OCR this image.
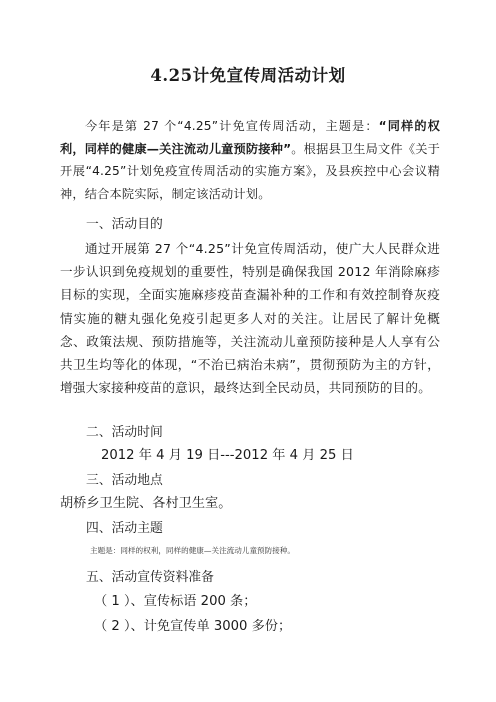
4.25计免宣传周活动计划

今年是第 27 个“4.25”计免宣传周活动，主题是：“同样的权利，同样的健康—关注流动儿童预防接种”。根据县卫生局文件《关于开展“4.25”计划免疫宣传周活动的实施方案》，及县疾控中心会议精神，结合本院实际，制定该活动计划。

一、活动目的

通过开展第 27 个“4.25”计免宣传周活动，使广大人民群众进一步认识到免疫规划的重要性，特别是确保我国 2012 年消除麻疹目标的实现，全面实施麻疹疫苗查漏补种的工作和有效控制脊灰疫情实施的糖丸强化免疫引起更多人对的关注。让居民了解计免概念、政策法规、预防措施等，关注流动儿童预防接种是人人享有公共卫生均等化的体现，“不治已病治未病”，贯彻预防为主的方针，增强大家接种疫苗的意识，最终达到全民动员，共同预防的目的。

二、活动时间
2012 年 4 月 19 日---2012 年 4 月 25 日
三、活动地点
胡桥乡卫生院、各村卫生室。
四、活动主题
主题是：同样的权利，同样的健康—关注流动儿童预防接种。
五、活动宣传资料准备
（ 1 ）、宣传标语 200 条；
（ 2 ）、计免宣传单 3000 多份；
